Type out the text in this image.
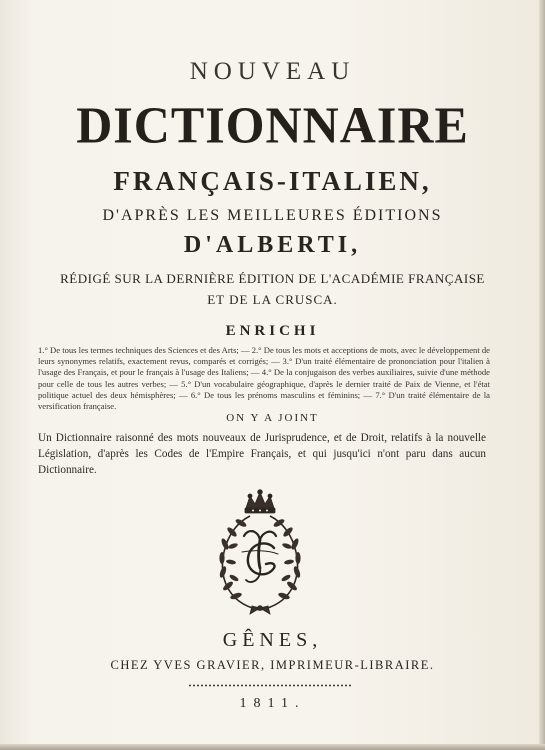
NOUVEAU
DICTIONNAIRE
FRANÇAIS-ITALIEN,
D'APRÈS LES MEILLEURES ÉDITIONS
D'ALBERTI,
RÉDIGÉ SUR LA DERNIÈRE ÉDITION DE L'ACADÉMIE FRANÇAISE
ET DE LA CRUSCA.
ENRICHI
1.° De tous les termes techniques des Sciences et des Arts; — 2.° De tous les mots et acceptions de mots, avec le développement de leurs synonymes relatifs, exactement revus, comparés et corrigés; — 3.° D'un traité élémentaire de prononciation pour l'italien à l'usage des Français, et pour le français à l'usage des Italiens; — 4.° De la conjugaison des verbes auxiliaires, suivie d'une méthode pour celle de tous les autres verbes; — 5.° D'un vocabulaire géographique, d'après le dernier traité de Paix de Vienne, et l'état politique actuel des deux hémisphères; — 6.° De tous les prénoms masculins et féminins; — 7.° D'un traité élémentaire de la versification française.
ON Y A JOINT
Un Dictionnaire raisonné des mots nouveaux de Jurisprudence, et de Droit, relatifs à la nouvelle Législation, d'après les Codes de l'Empire Français, et qui jusqu'ici n'ont paru dans aucun Dictionnaire.
GÊNES,
CHEZ YVES GRAVIER, IMPRIMEUR-LIBRAIRE.
1811.
